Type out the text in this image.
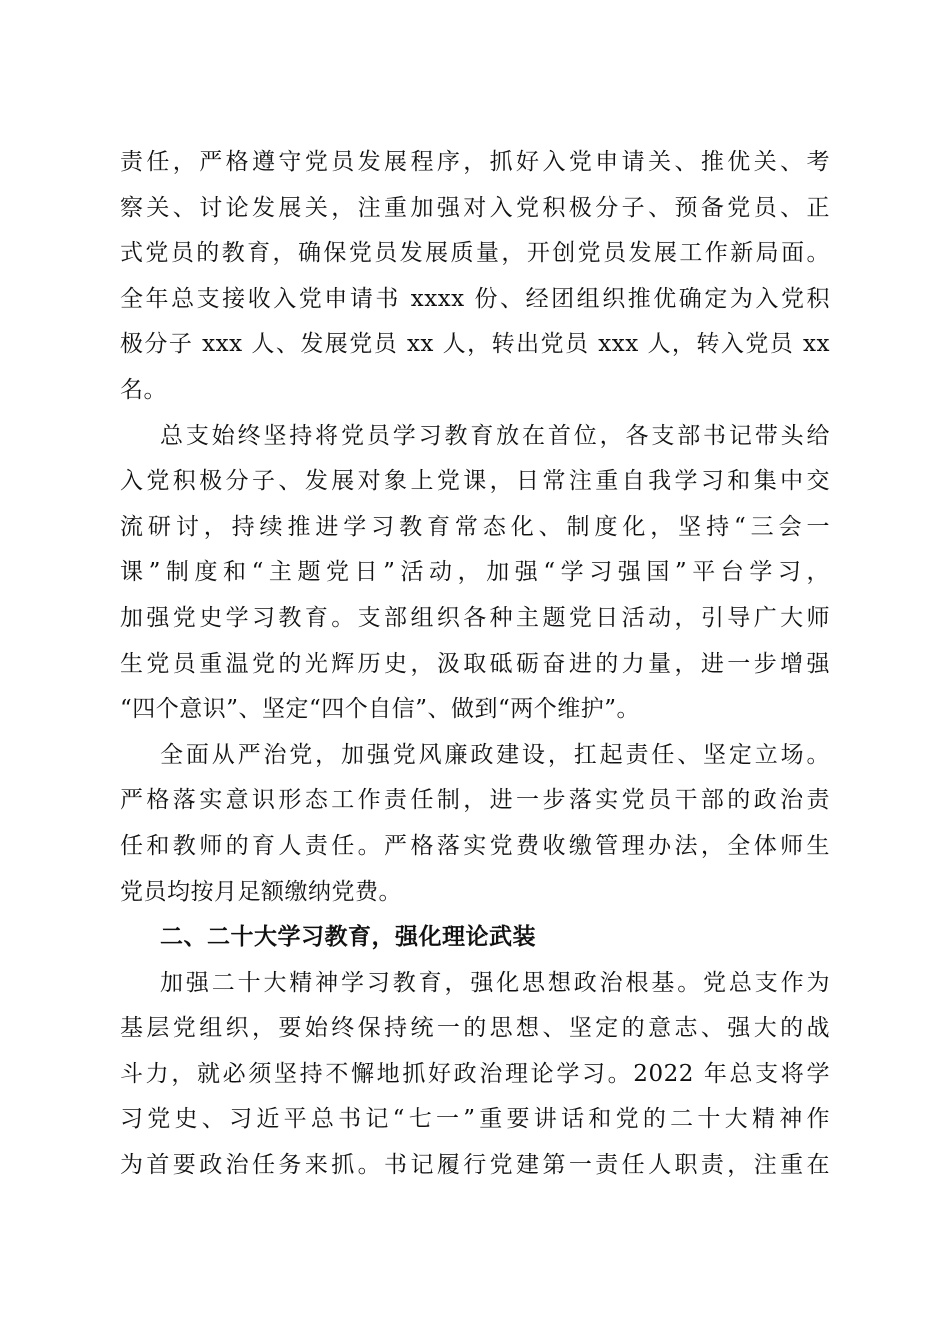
责任，严格遵守党员发展程序，抓好入党申请关、推优关、考
察关、讨论发展关，注重加强对入党积极分子、预备党员、正
式党员的教育，确保党员发展质量，开创党员发展工作新局面。
全年总支接收入党申请书 xxxx 份、经团组织推优确定为入党积
极分子 xxx 人、发展党员 xx 人，转出党员 xxx 人，转入党员 xx
名。
总支始终坚持将党员学习教育放在首位，各支部书记带头给
入党积极分子、发展对象上党课，日常注重自我学习和集中交
流研讨，持续推进学习教育常态化、制度化，坚持“三会一
课”制度和“主题党日”活动，加强“学习强国”平台学习，
加强党史学习教育。支部组织各种主题党日活动，引导广大师
生党员重温党的光辉历史，汲取砥砺奋进的力量，进一步增强
“四个意识”、坚定“四个自信”、做到“两个维护”。
全面从严治党，加强党风廉政建设，扛起责任、坚定立场。
严格落实意识形态工作责任制，进一步落实党员干部的政治责
任和教师的育人责任。严格落实党费收缴管理办法，全体师生
党员均按月足额缴纳党费。
二、二十大学习教育，强化理论武装
加强二十大精神学习教育，强化思想政治根基。党总支作为
基层党组织，要始终保持统一的思想、坚定的意志、强大的战
斗力，就必须坚持不懈地抓好政治理论学习。2022 年总支将学
习党史、习近平总书记“七一”重要讲话和党的二十大精神作
为首要政治任务来抓。书记履行党建第一责任人职责，注重在
